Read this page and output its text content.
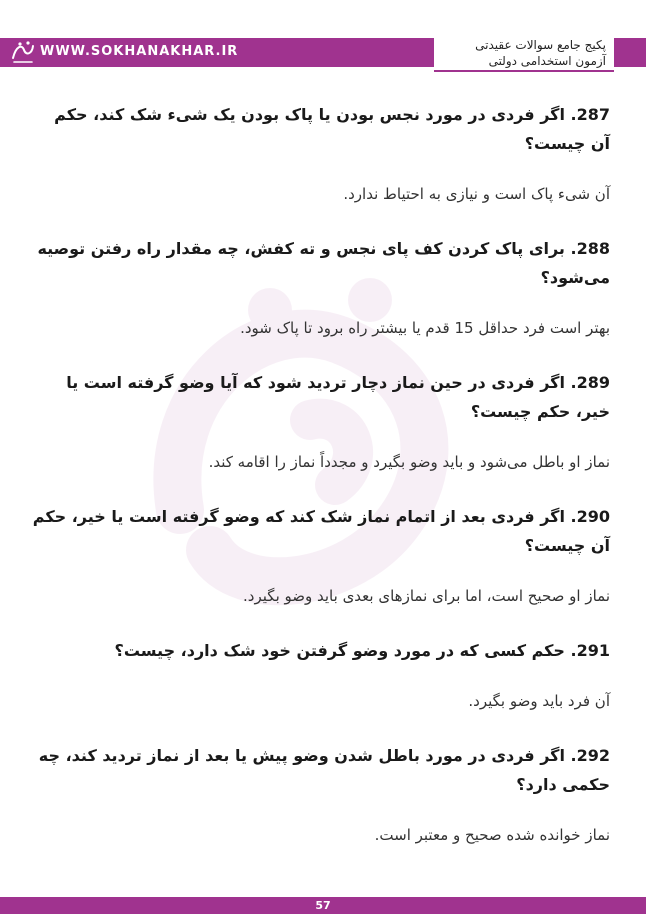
WWW.SOKHANAKHAR.IR	پکیج جامع سوالات عقیدتی
آزمون استخدامی دولتی

287. اگر فردی در مورد نجس بودن یا پاک بودن یک شیء شک کند، حکم آن چیست؟

آن شیء پاک است و نیازی به احتیاط ندارد.

288. برای پاک کردن کف پای نجس و ته کفش، چه مقدار راه رفتن توصیه می‌شود؟

بهتر است فرد حداقل 15 قدم یا بیشتر راه برود تا پاک شود.

289. اگر فردی در حین نماز دچار تردید شود که آیا وضو گرفته است یا خیر، حکم چیست؟

نماز او باطل می‌شود و باید وضو بگیرد و مجدداً نماز را اقامه کند.

290. اگر فردی بعد از اتمام نماز شک کند که وضو گرفته است یا خیر، حکم آن چیست؟

نماز او صحیح است، اما برای نمازهای بعدی باید وضو بگیرد.

291. حکم کسی که در مورد وضو گرفتن خود شک دارد، چیست؟

آن فرد باید وضو بگیرد.

292. اگر فردی در مورد باطل شدن وضو پیش یا بعد از نماز تردید کند، چه حکمی دارد؟

نماز خوانده شده صحیح و معتبر است.

57
